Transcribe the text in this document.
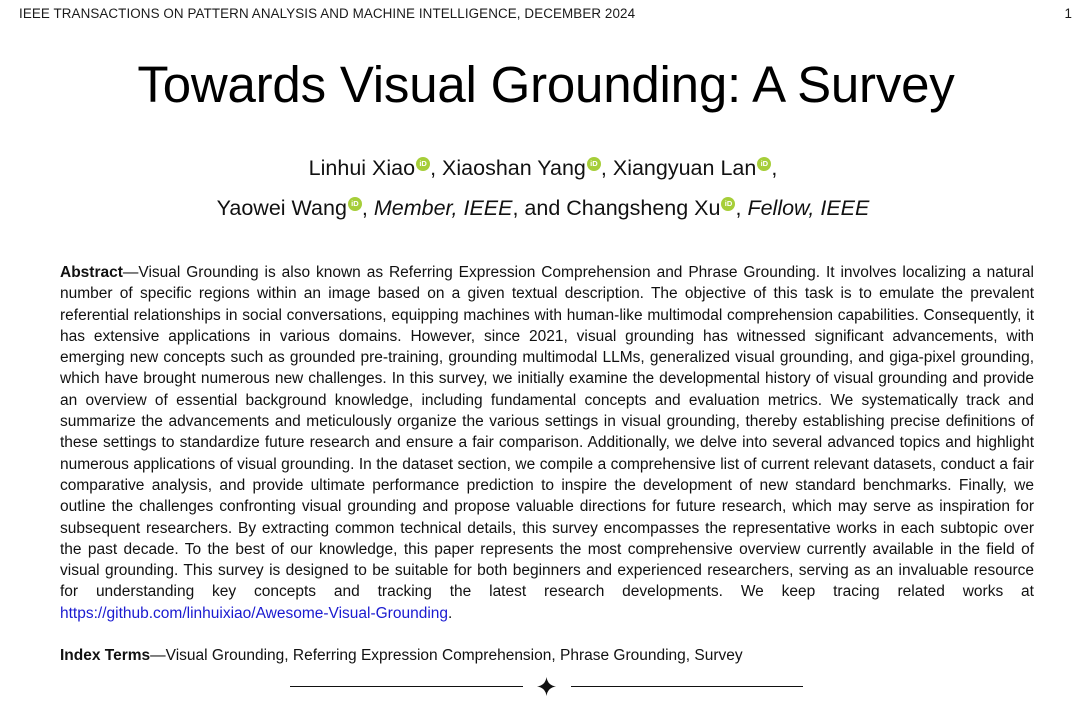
IEEE TRANSACTIONS ON PATTERN ANALYSIS AND MACHINE INTELLIGENCE, DECEMBER 2024	1
Towards Visual Grounding: A Survey
Linhui Xiao iD , Xiaoshan Yang iD , Xiangyuan Lan iD ,
Yaowei Wang iD , Member, IEEE, and Changsheng Xu iD , Fellow, IEEE

Abstract—Visual Grounding is also known as Referring Expression Comprehension and Phrase Grounding. It involves localizing a natural number of specific regions within an image based on a given textual description. The objective of this task is to emulate the prevalent referential relationships in social conversations, equipping machines with human-like multimodal comprehension capabilities. Consequently, it has extensive applications in various domains. However, since 2021, visual grounding has witnessed significant advancements, with emerging new concepts such as grounded pre-training, grounding multimodal LLMs, generalized visual grounding, and giga-pixel grounding, which have brought numerous new challenges. In this survey, we initially examine the developmental history of visual grounding and provide an overview of essential background knowledge, including fundamental concepts and evaluation metrics. We systematically track and summarize the advancements and meticulously organize the various settings in visual grounding, thereby establishing precise definitions of these settings to standardize future research and ensure a fair comparison. Additionally, we delve into several advanced topics and highlight numerous applications of visual grounding. In the dataset section, we compile a comprehensive list of current relevant datasets, conduct a fair comparative analysis, and provide ultimate performance prediction to inspire the development of new standard benchmarks. Finally, we outline the challenges confronting visual grounding and propose valuable directions for future research, which may serve as inspiration for subsequent researchers. By extracting common technical details, this survey encompasses the representative works in each subtopic over the past decade. To the best of our knowledge, this paper represents the most comprehensive overview currently available in the field of visual grounding. This survey is designed to be suitable for both beginners and experienced researchers, serving as an invaluable resource for understanding key concepts and tracking the latest research developments. We keep tracing related works at https://github.com/linhuixiao/Awesome-Visual-Grounding.

Index Terms—Visual Grounding, Referring Expression Comprehension, Phrase Grounding, Survey
